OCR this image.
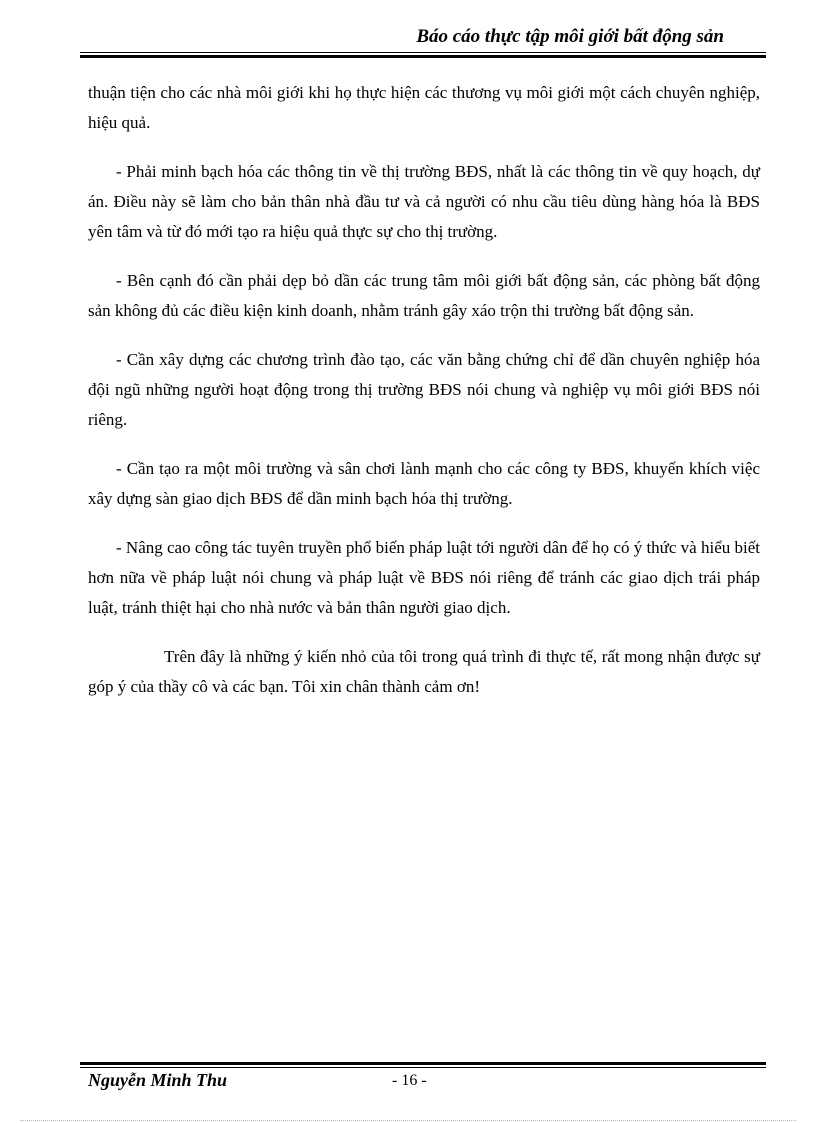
Báo cáo thực tập môi giới bất động sản

thuận tiện cho các nhà môi giới khi họ thực hiện các thương vụ môi giới một cách chuyên nghiệp, hiệu quả.

- Phải minh bạch hóa các thông tin về thị trường BĐS, nhất là các thông tin về quy hoạch, dự án. Điều này sẽ làm cho bản thân nhà đầu tư và cả người có nhu cầu tiêu dùng hàng hóa là BĐS yên tâm và từ đó mới tạo ra hiệu quả thực sự cho thị trường.

- Bên cạnh đó cần phải dẹp bỏ dần các trung tâm môi giới bất động sản, các phòng bất động sản không đủ các điều kiện kinh doanh, nhằm tránh gây xáo trộn thi trường bất động sản.

- Cần xây dựng các chương trình đào tạo, các văn bằng chứng chỉ để dần chuyên nghiệp hóa đội ngũ những người hoạt động trong thị trường BĐS nói chung và nghiệp vụ môi giới BĐS nói riêng.

- Cần tạo ra một môi trường và sân chơi lành mạnh cho các công ty BĐS, khuyến khích việc xây dựng sàn giao dịch BĐS để dần minh bạch hóa thị trường.

- Nâng cao công tác tuyên truyền phổ biến pháp luật tới người dân để họ có ý thức và hiểu biết hơn nữa về pháp luật nói chung và pháp luật về BĐS nói riêng để tránh các giao dịch trái pháp luật, tránh thiệt hại cho nhà nước và bản thân người giao dịch.

Trên đây là những ý kiến nhỏ của tôi trong quá trình đi thực tế, rất mong nhận được sự góp ý của thầy cô và các bạn. Tôi xin chân thành cảm ơn!

Nguyễn Minh Thu	- 16 -
